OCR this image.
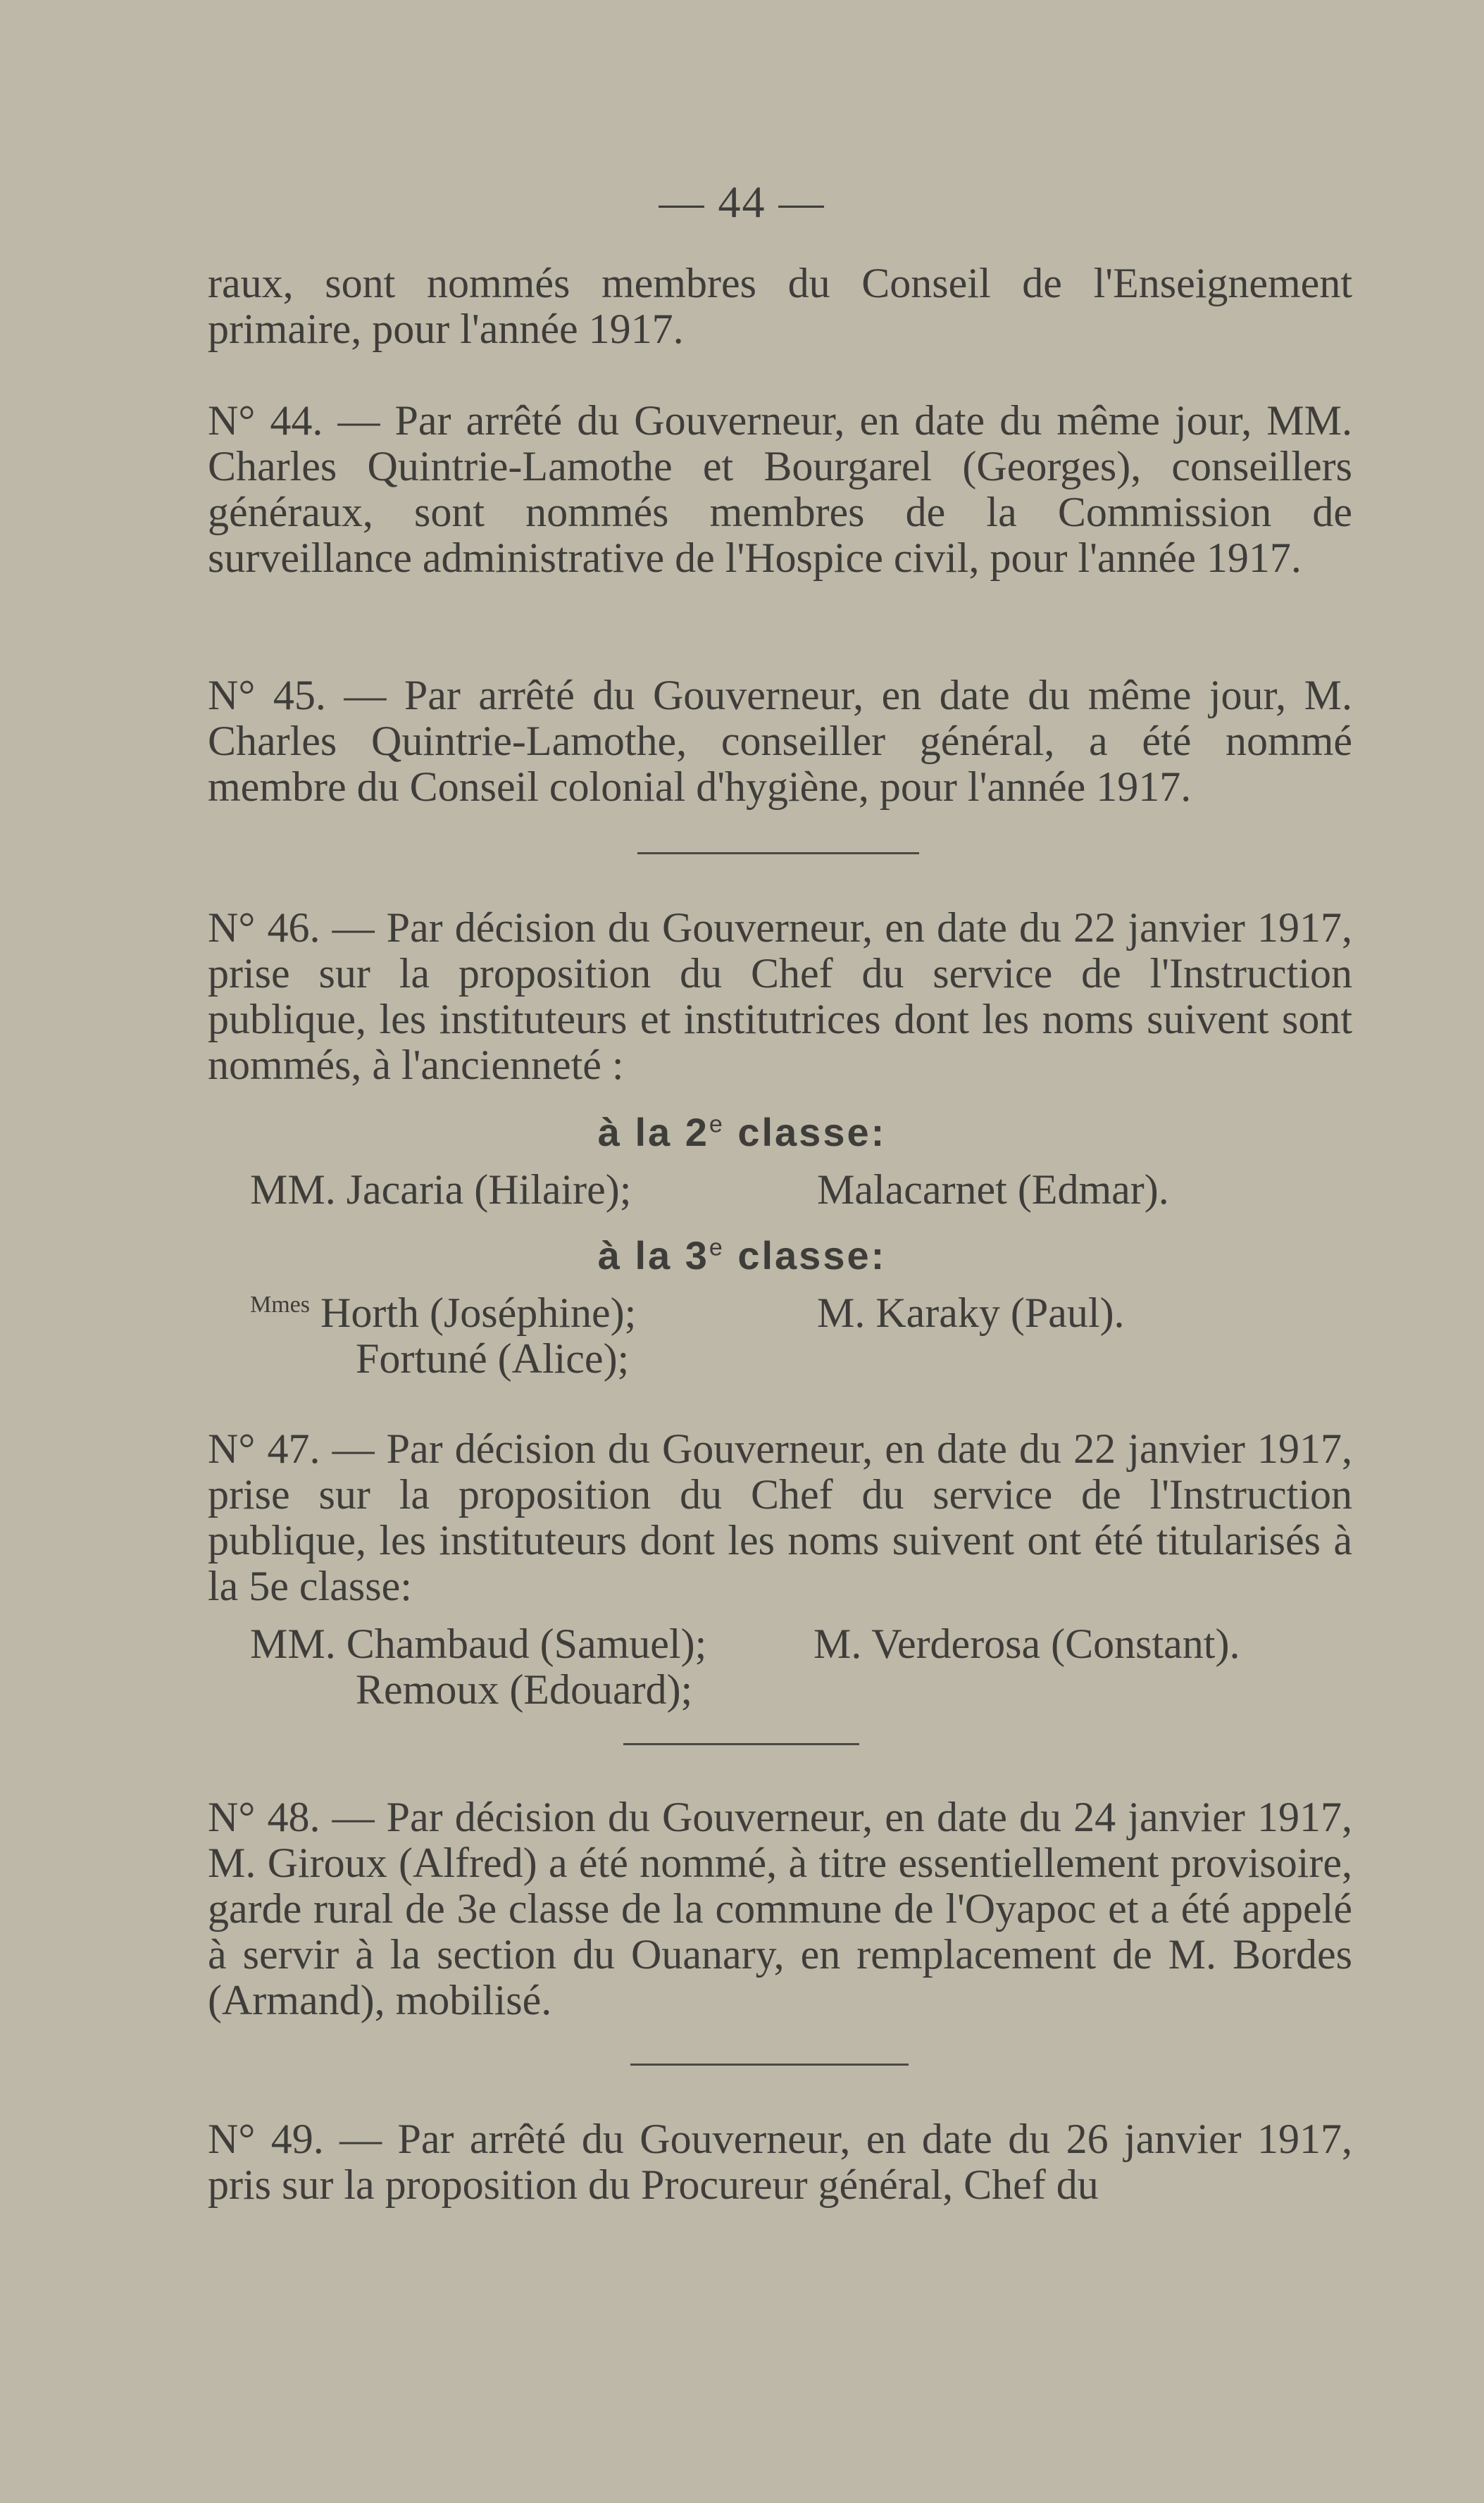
— 44 —

raux, sont nommés membres du Conseil de l'Enseignement primaire, pour l'année 1917.

N° 44. — Par arrêté du Gouverneur, en date du même jour, MM. Charles Quintrie-Lamothe et Bourgarel (Georges), conseillers généraux, sont nommés membres de la Commission de surveillance administrative de l'Hospice civil, pour l'année 1917.

N° 45. — Par arrêté du Gouverneur, en date du même jour, M. Charles Quintrie-Lamothe, conseiller général, a été nommé membre du Conseil colonial d'hygiène, pour l'année 1917.

N° 46. — Par décision du Gouverneur, en date du 22 janvier 1917, prise sur la proposition du Chef du service de l'Instruction publique, les instituteurs et institutrices dont les noms suivent sont nommés, à l'ancienneté :

à la 2e classe:
MM. Jacaria (Hilaire);	Malacarnet (Edmar).
à la 3e classe:
$^{Mmes}$ Horth (Joséphine);
Fortuné (Alice);
M. Karaky (Paul).

N° 47. — Par décision du Gouverneur, en date du 22 janvier 1917, prise sur la proposition du Chef du service de l'Instruction publique, les instituteurs dont les noms suivent ont été titularisés à la 5e classe:

MM. Chambaud (Samuel);
Remoux (Edouard);
M. Verderosa (Constant).

N° 48. — Par décision du Gouverneur, en date du 24 janvier 1917, M. Giroux (Alfred) a été nommé, à titre essentiellement provisoire, garde rural de 3e classe de la commune de l'Oyapoc et a été appelé à servir à la section du Ouanary, en remplacement de M. Bordes (Armand), mobilisé.

N° 49. — Par arrêté du Gouverneur, en date du 26 janvier 1917, pris sur la proposition du Procureur général, Chef du
